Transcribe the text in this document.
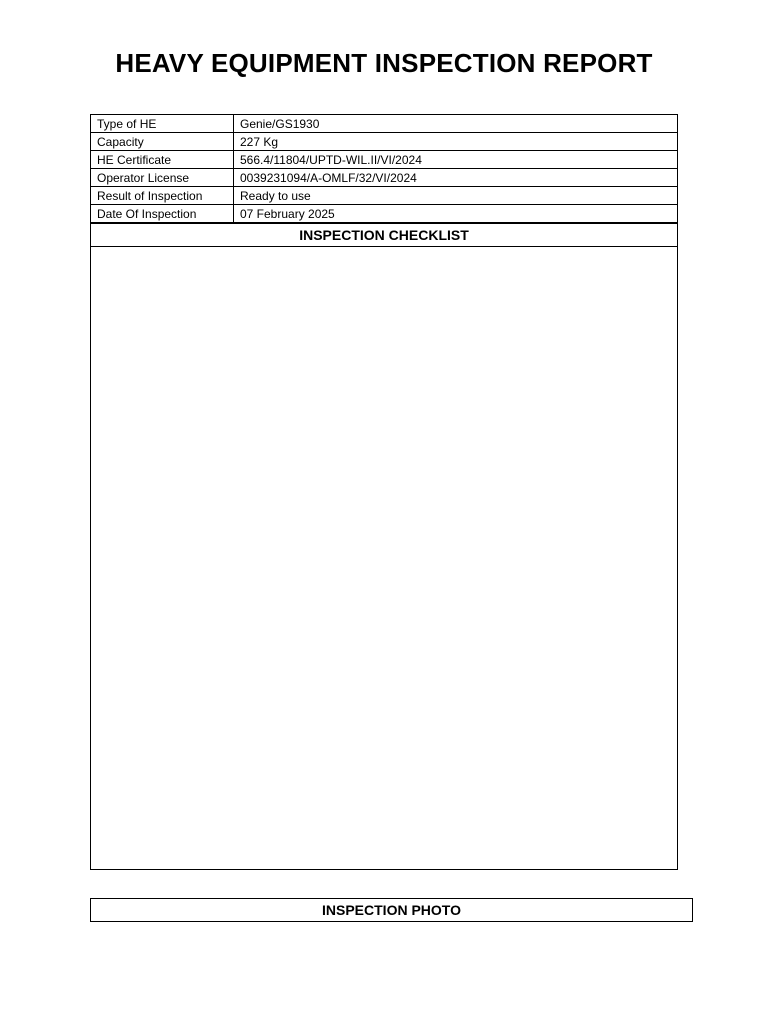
HEAVY EQUIPMENT INSPECTION REPORT
Type of HE	Genie/GS1930
Capacity	227 Kg
HE Certificate	566.4/11804/UPTD-WIL.II/VI/2024
Operator License	0039231094/A-OMLF/32/VI/2024
Result of Inspection	Ready to use
Date Of Inspection	07 February 2025
INSPECTION CHECKLIST
INSPECTION PHOTO
